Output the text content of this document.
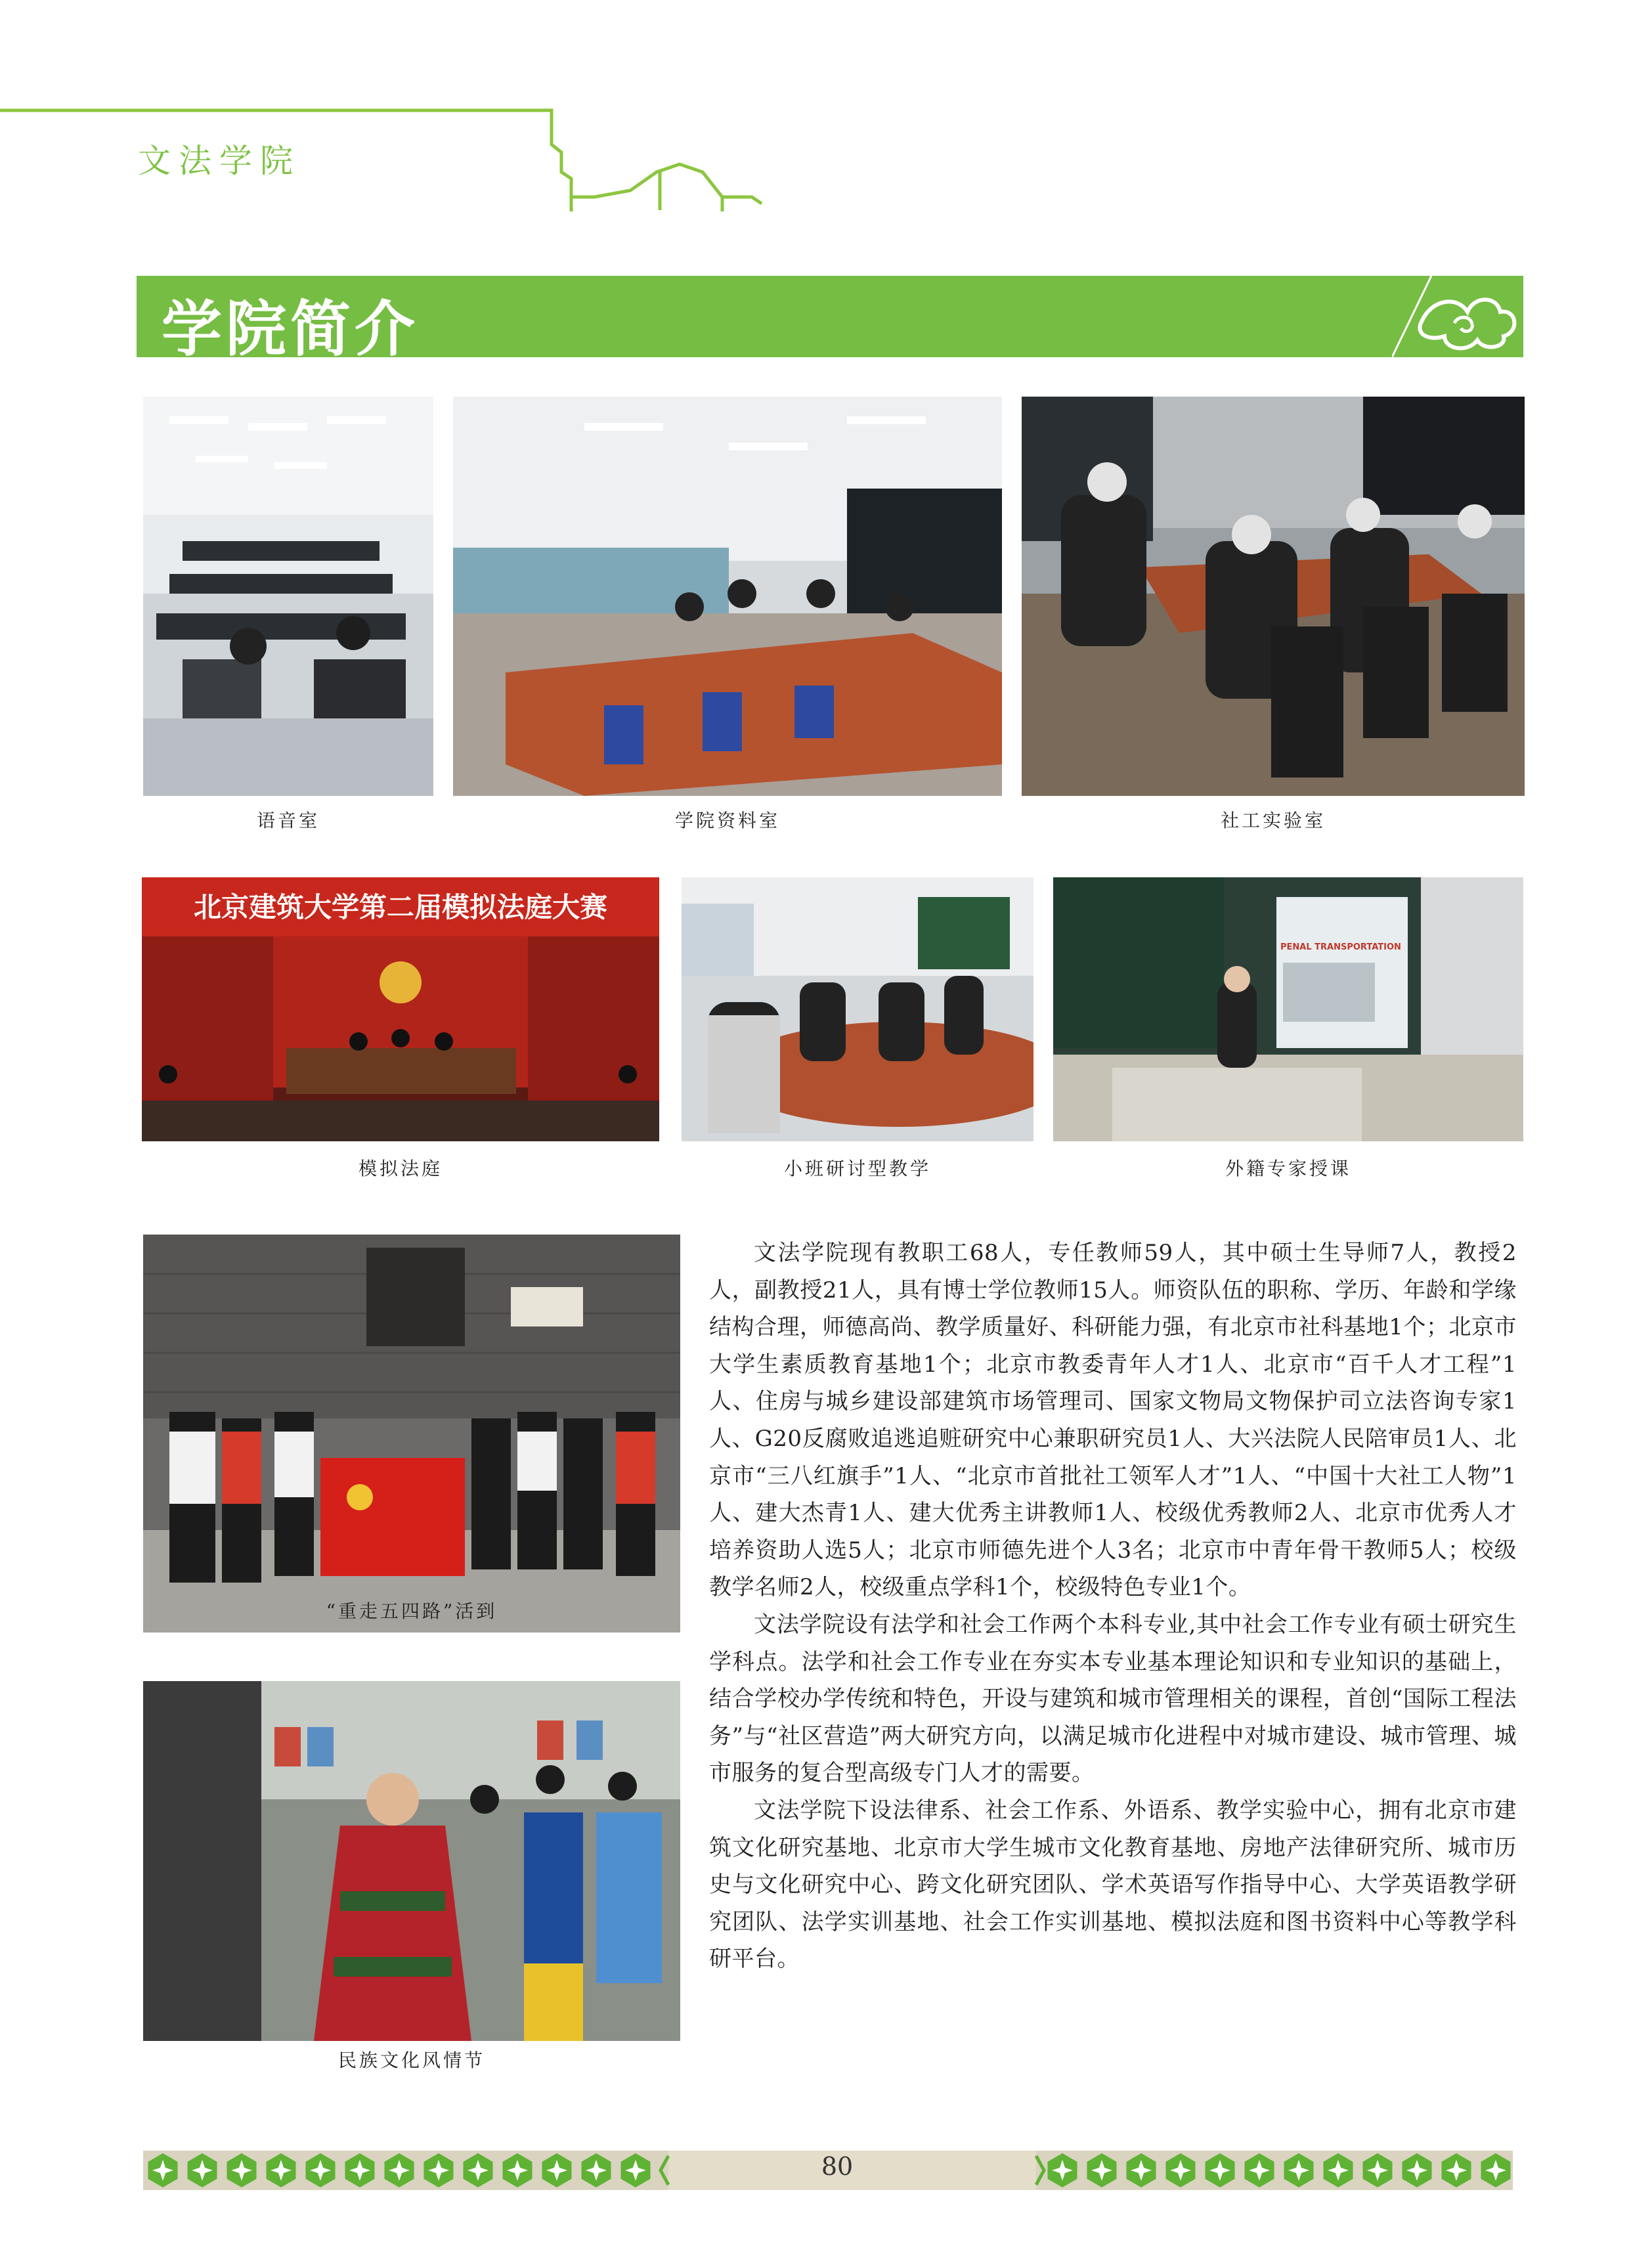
文法学院
学院简介
语音室	学院资料室	社工实验室
北京建筑大学第二届模拟法庭大赛
模拟法庭	小班研讨型教学
PENAL TRANSPORTATION
外籍专家授课
“重走五四路”活到
民族文化风情节

文法学院现有教职工68人，专任教师59人，其中硕士生导师7人，教授2人，副教授21人，具有博士学位教师15人。师资队伍的职称、学历、年龄和学缘结构合理，师德高尚、教学质量好、科研能力强，有北京市社科基地1个；北京市大学生素质教育基地1个；北京市教委青年人才1人、北京市“百千人才工程”1人、住房与城乡建设部建筑市场管理司、国家文物局文物保护司立法咨询专家1人、G20反腐败追逃追赃研究中心兼职研究员1人、大兴法院人民陪审员1人、北京市“三八红旗手”1人、“北京市首批社工领军人才”1人、“中国十大社工人物”1人、建大杰青1人、建大优秀主讲教师1人、校级优秀教师2人、北京市优秀人才培养资助人选5人；北京市师德先进个人3名；北京市中青年骨干教师5人；校级教学名师2人，校级重点学科1个，校级特色专业1个。

文法学院设有法学和社会工作两个本科专业,其中社会工作专业有硕士研究生学科点。法学和社会工作专业在夯实本专业基本理论知识和专业知识的基础上，结合学校办学传统和特色，开设与建筑和城市管理相关的课程，首创“国际工程法务”与“社区营造”两大研究方向，以满足城市化进程中对城市建设、城市管理、城市服务的复合型高级专门人才的需要。

文法学院下设法律系、社会工作系、外语系、教学实验中心，拥有北京市建筑文化研究基地、北京市大学生城市文化教育基地、房地产法律研究所、城市历史与文化研究中心、跨文化研究团队、学术英语写作指导中心、大学英语教学研究团队、法学实训基地、社会工作实训基地、模拟法庭和图书资料中心等教学科研平台。

80
